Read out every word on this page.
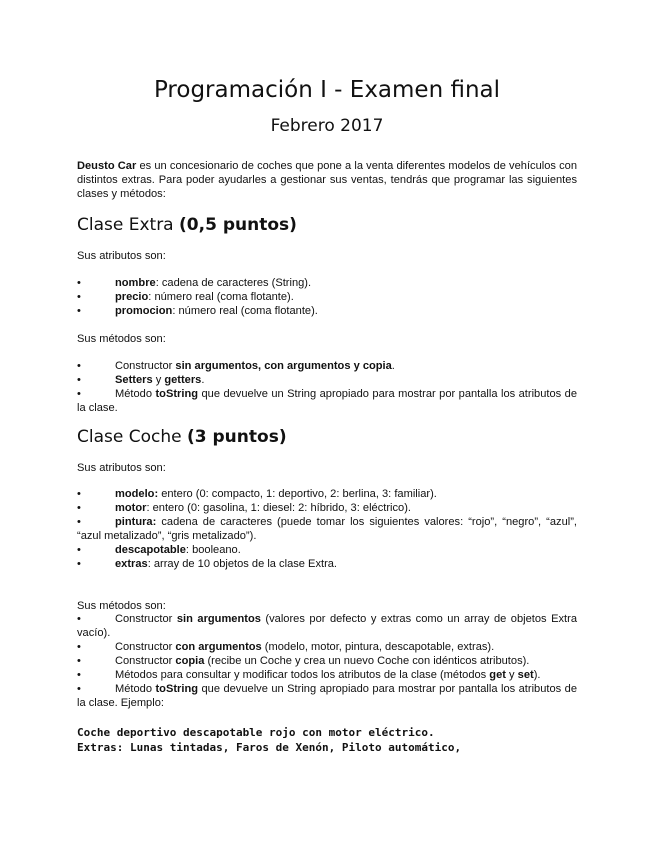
Programación I - Examen final
Febrero 2017

Deusto Car es un concesionario de coches que pone a la venta diferentes modelos de vehículos con distintos extras. Para poder ayudarles a gestionar sus ventas, tendrás que programar las siguientes clases y métodos:

Clase Extra (0,5 puntos)

Sus atributos son:

•	nombre: cadena de caracteres (String).
•	precio: número real (coma flotante).
•	promocion: número real (coma flotante).

Sus métodos son:

•	Constructor sin argumentos, con argumentos y copia.
•	Setters y getters.
•	Método toString que devuelve un String apropiado para mostrar por pantalla los atributos de la clase.
Clase Coche (3 puntos)

Sus atributos son:

•	modelo: entero (0: compacto, 1: deportivo, 2: berlina, 3: familiar).
•	motor: entero (0: gasolina, 1: diesel: 2: híbrido, 3: eléctrico).
•	pintura: cadena de caracteres (puede tomar los siguientes valores: “rojo”, “negro”, “azul”, “azul metalizado”, “gris metalizado”).
•	descapotable: booleano.
•	extras: array de 10 objetos de la clase Extra.

Sus métodos son:

•	Constructor sin argumentos (valores por defecto y extras como un array de objetos Extra vacío).
•	Constructor con argumentos (modelo, motor, pintura, descapotable, extras).
•	Constructor copia (recibe un Coche y crea un nuevo Coche con idénticos atributos).
•	Métodos para consultar y modificar todos los atributos de la clase (métodos get y set).
•	Método toString que devuelve un String apropiado para mostrar por pantalla los atributos de la clase. Ejemplo:
Coche deportivo descapotable rojo con motor eléctrico.
Extras: Lunas tintadas, Faros de Xenón, Piloto automático,
